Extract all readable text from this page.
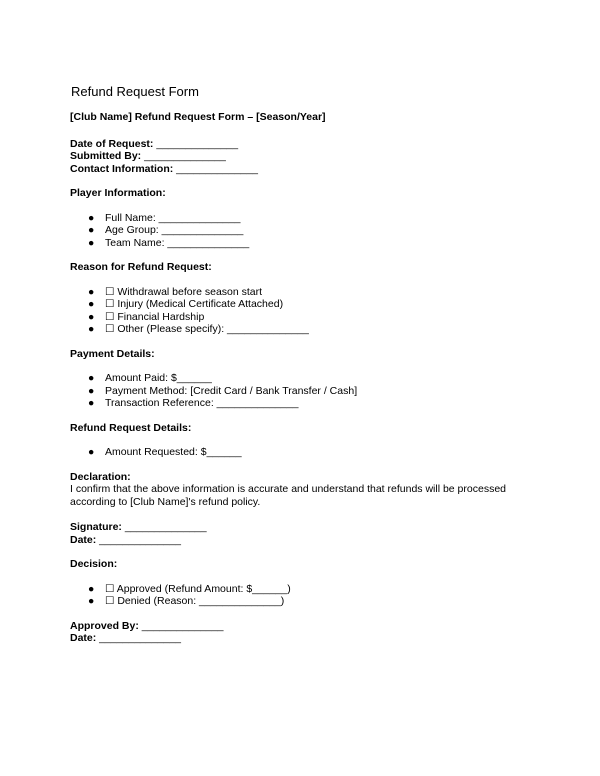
Refund Request Form
[Club Name] Refund Request Form – [Season/Year]

Date of Request: ______________

Submitted By: ______________

Contact Information: ______________

Player Information:
● Full Name: ______________
● Age Group: ______________
● Team Name: ______________
Reason for Refund Request:
● ☐ Withdrawal before season start
● ☐ Injury (Medical Certificate Attached)
● ☐ Financial Hardship
● ☐ Other (Please specify): ______________
Payment Details:
● Amount Paid: $______
● Payment Method: [Credit Card / Bank Transfer / Cash]
● Transaction Reference: ______________
Refund Request Details:
● Amount Requested: $______
Declaration:

I confirm that the above information is accurate and understand that refunds will be processed according to [Club Name]'s refund policy.

Signature: ______________

Date: ______________

Decision:
● ☐ Approved (Refund Amount: $______)
● ☐ Denied (Reason: ______________)

Approved By: ______________

Date: ______________
